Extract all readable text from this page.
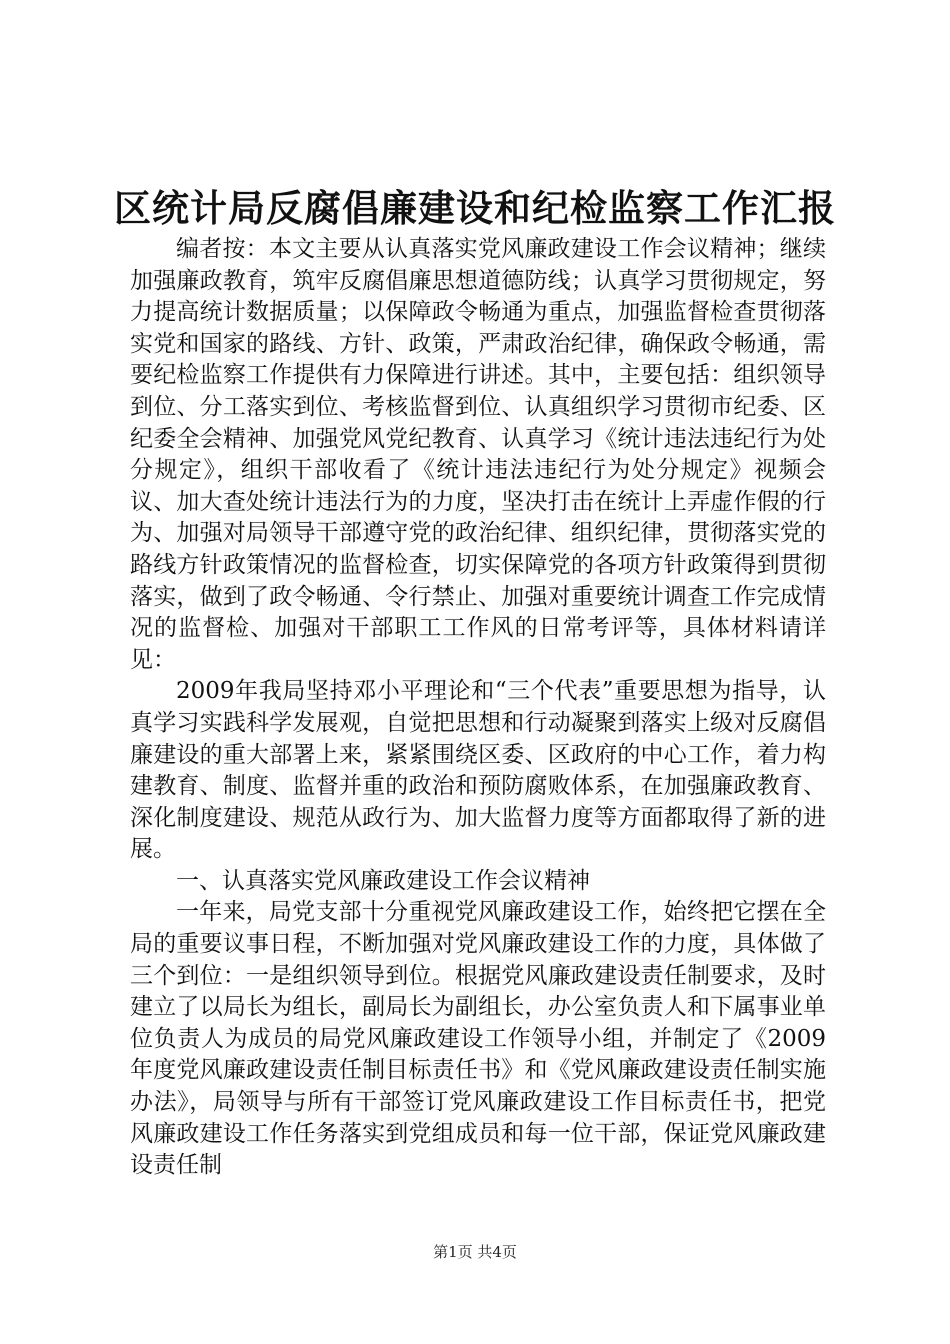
区统计局反腐倡廉建设和纪检监察工作汇报

编者按：本文主要从认真落实党风廉政建设工作会议精神；继续加强廉政教育，筑牢反腐倡廉思想道德防线；认真学习贯彻规定，努力提高统计数据质量；以保障政令畅通为重点，加强监督检查贯彻落实党和国家的路线、方针、政策，严肃政治纪律，确保政令畅通，需要纪检监察工作提供有力保障进行讲述。其中，主要包括：组织领导到位、分工落实到位、考核监督到位、认真组织学习贯彻市纪委、区纪委全会精神、加强党风党纪教育、认真学习《统计违法违纪行为处分规定》，组织干部收看了《统计违法违纪行为处分规定》视频会议、加大查处统计违法行为的力度，坚决打击在统计上弄虚作假的行为、加强对局领导干部遵守党的政治纪律、组织纪律，贯彻落实党的路线方针政策情况的监督检查，切实保障党的各项方针政策得到贯彻落实，做到了政令畅通、令行禁止、加强对重要统计调查工作完成情况的监督检、加强对干部职工工作风的日常考评等，具体材料请详见：

2009年我局坚持邓小平理论和“三个代表”重要思想为指导，认真学习实践科学发展观，自觉把思想和行动凝聚到落实上级对反腐倡廉建设的重大部署上来，紧紧围绕区委、区政府的中心工作，着力构建教育、制度、监督并重的政治和预防腐败体系，在加强廉政教育、深化制度建设、规范从政行为、加大监督力度等方面都取得了新的进展。

一、认真落实党风廉政建设工作会议精神

一年来，局党支部十分重视党风廉政建设工作，始终把它摆在全局的重要议事日程，不断加强对党风廉政建设工作的力度，具体做了三个到位：一是组织领导到位。根据党风廉政建设责任制要求，及时建立了以局长为组长，副局长为副组长，办公室负责人和下属事业单位负责人为成员的局党风廉政建设工作领导小组，并制定了《2009年度党风廉政建设责任制目标责任书》和《党风廉政建设责任制实施办法》，局领导与所有干部签订党风廉政建设工作目标责任书，把党风廉政建设工作任务落实到党组成员和每一位干部，保证党风廉政建设责任制

第1页 共4页
